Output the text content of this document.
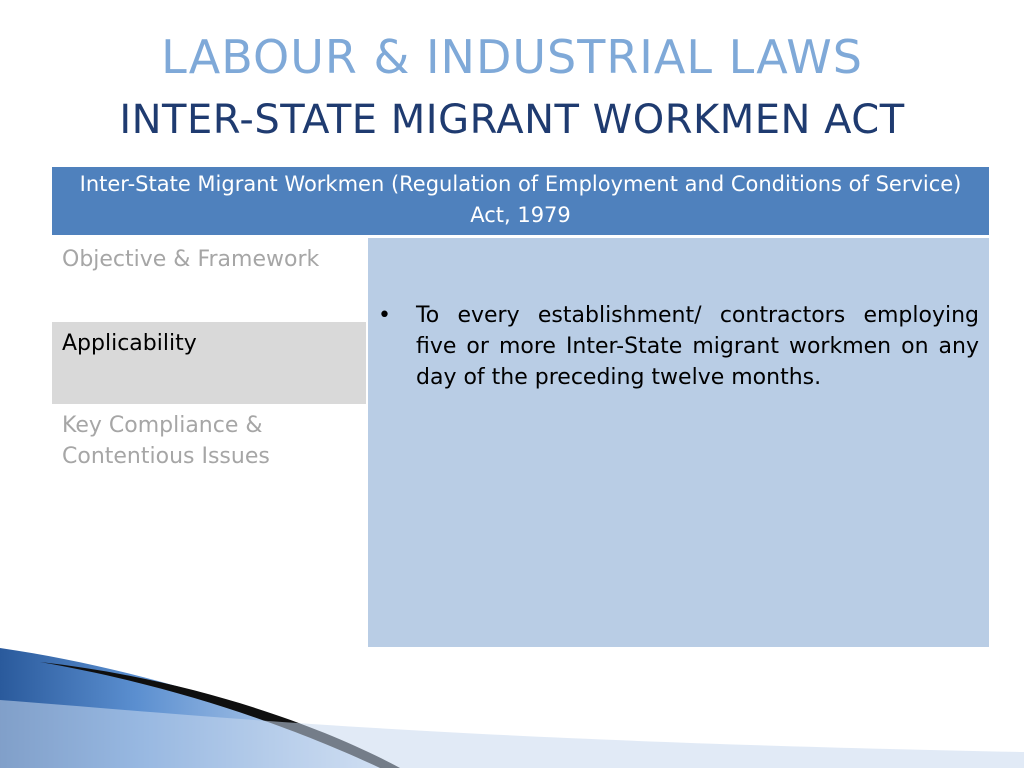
LABOUR & INDUSTRIAL LAWS
INTER-STATE MIGRANT WORKMEN ACT
Inter-State Migrant Workmen (Regulation of Employment and Conditions of Service) Act, 1979
Objective & Framework
Applicability
Key Compliance & Contentious Issues
•	To every establishment/ contractors employing five or more Inter-State migrant workmen on any day of the preceding twelve months.
